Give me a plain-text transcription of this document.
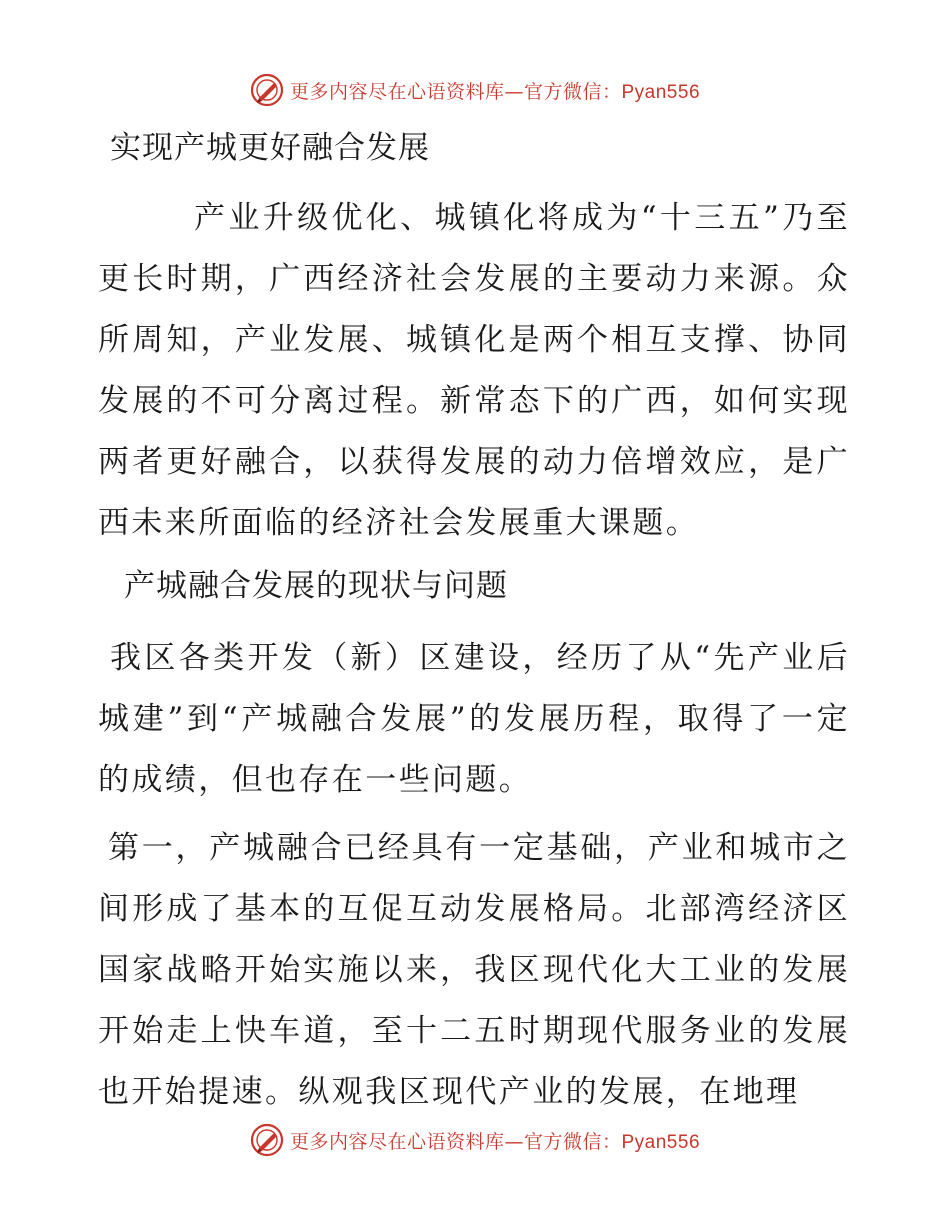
更多内容尽在心语资料库—官方微信：Pyan556
实现产城更好融合发展
产业升级优化、城镇化将成为“十三五”乃至更长时期，广西经济社会发展的主要动力来源。众所周知，产业发展、城镇化是两个相互支撑、协同发展的不可分离过程。新常态下的广西，如何实现两者更好融合，以获得发展的动力倍增效应，是广西未来所面临的经济社会发展重大课题。
产城融合发展的现状与问题
我区各类开发（新）区建设，经历了从“先产业后城建”到“产城融合发展”的发展历程，取得了一定的成绩，但也存在一些问题。
第一，产城融合已经具有一定基础，产业和城市之间形成了基本的互促互动发展格局。北部湾经济区国家战略开始实施以来，我区现代化大工业的发展开始走上快车道，至十二五时期现代服务业的发展也开始提速。纵观我区现代产业的发展，在地理
更多内容尽在心语资料库—官方微信：Pyan556
